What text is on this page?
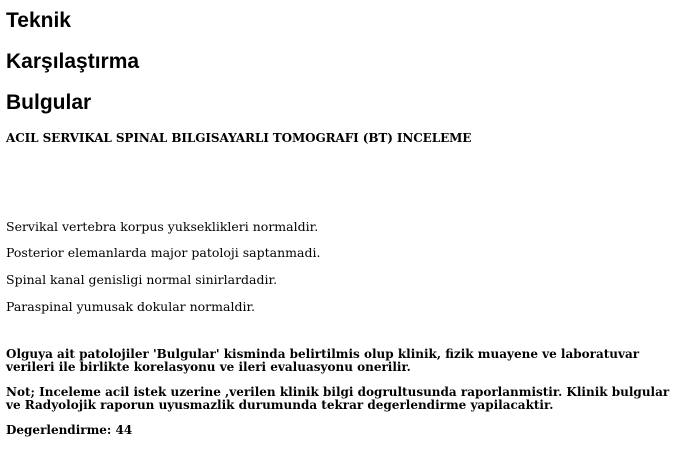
Teknik
Karşılaştırma
Bulgular

ACIL SERVIKAL SPINAL BILGISAYARLI TOMOGRAFI (BT) INCELEME

Servikal vertebra korpus yukseklikleri normaldir.

Posterior elemanlarda major patoloji saptanmadi.

Spinal kanal genisligi normal sinirlardadir.

Paraspinal yumusak dokular normaldir.

Olguya ait patolojiler 'Bulgular' kisminda belirtilmis olup klinik, fizik muayene ve laboratuvar verileri ile birlikte korelasyonu ve ileri evaluasyonu onerilir.

Not; Inceleme acil istek uzerine ,verilen klinik bilgi dogrultusunda raporlanmistir. Klinik bulgular ve Radyolojik raporun uyusmazlik durumunda tekrar degerlendirme yapilacaktir.

Degerlendirme: 44
